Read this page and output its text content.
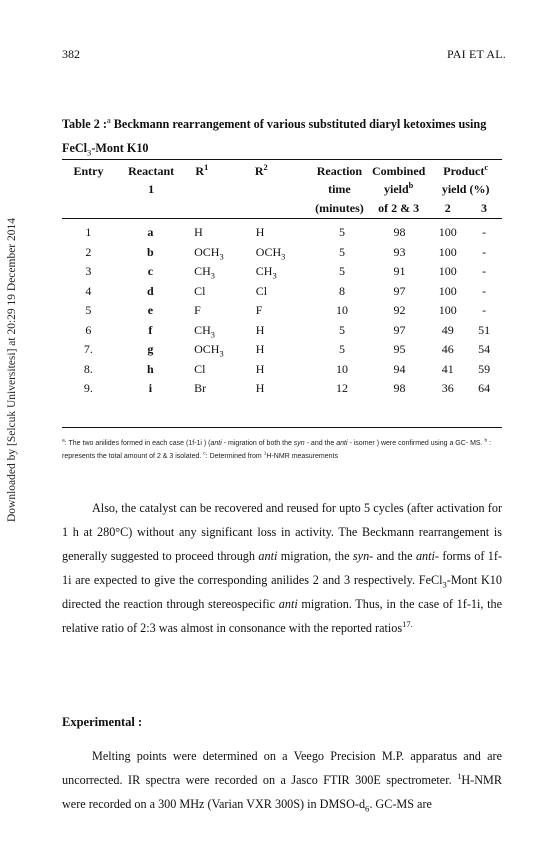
382	PAI ET AL.
Downloaded by [Selcuk Universitesi] at 20:29 19 December 2014
Table 2 :$^a$ Beckmann rearrangement of various substituted diaryl ketoximes using FeCl$_3$-Mont K10
Entry	Reactant	$R^1$	$R^2$	Reaction	Combined	Product$^c$
	1			time	yield$^b$	yield (%)	
				(minutes)	of 2 & 3	2	3
1	a	H	H	5	98	100	-
2	b	$OCH_3$	$OCH_3$	5	93	100	-
3	c	$CH_3$	$CH_3$	5	91	100	-
4	d	Cl	Cl	8	97	100	-
5	e	F	F	10	92	100	-
6	f	$CH_3$	H	5	97	49	51
7.	g	$OCH_3$	H	5	95	46	54
8.	h	Cl	H	10	94	41	59
9.	i	Br	H	12	98	36	64
$^a$: The two anilides formed in each case (1f-1i ) (anti - migration of both the syn - and the anti - isomer ) were confirmed using a GC- MS. $^b$ : represents the total amount of 2 & 3 isolated. $^c$: Determined from $^1$H-NMR measurements
Also, the catalyst can be recovered and reused for upto 5 cycles (after activation for 1 h at 280°C) without any significant loss in activity. The Beckmann rearrangement is generally suggested to proceed through anti migration, the syn- and the anti- forms of 1f-1i are expected to give the corresponding anilides 2 and 3 respectively. FeCl$_3$-Mont K10 directed the reaction through stereospecific anti migration. Thus, in the case of 1f-1i, the relative ratio of 2:3 was almost in consonance with the reported ratios$^{17.}$
Experimental :
Melting points were determined on a Veego Precision M.P. apparatus and are uncorrected. IR spectra were recorded on a Jasco FTIR 300E spectrometer. $^1$H-NMR were recorded on a 300 MHz (Varian VXR 300S) in DMSO-$d_6$. GC-MS are
